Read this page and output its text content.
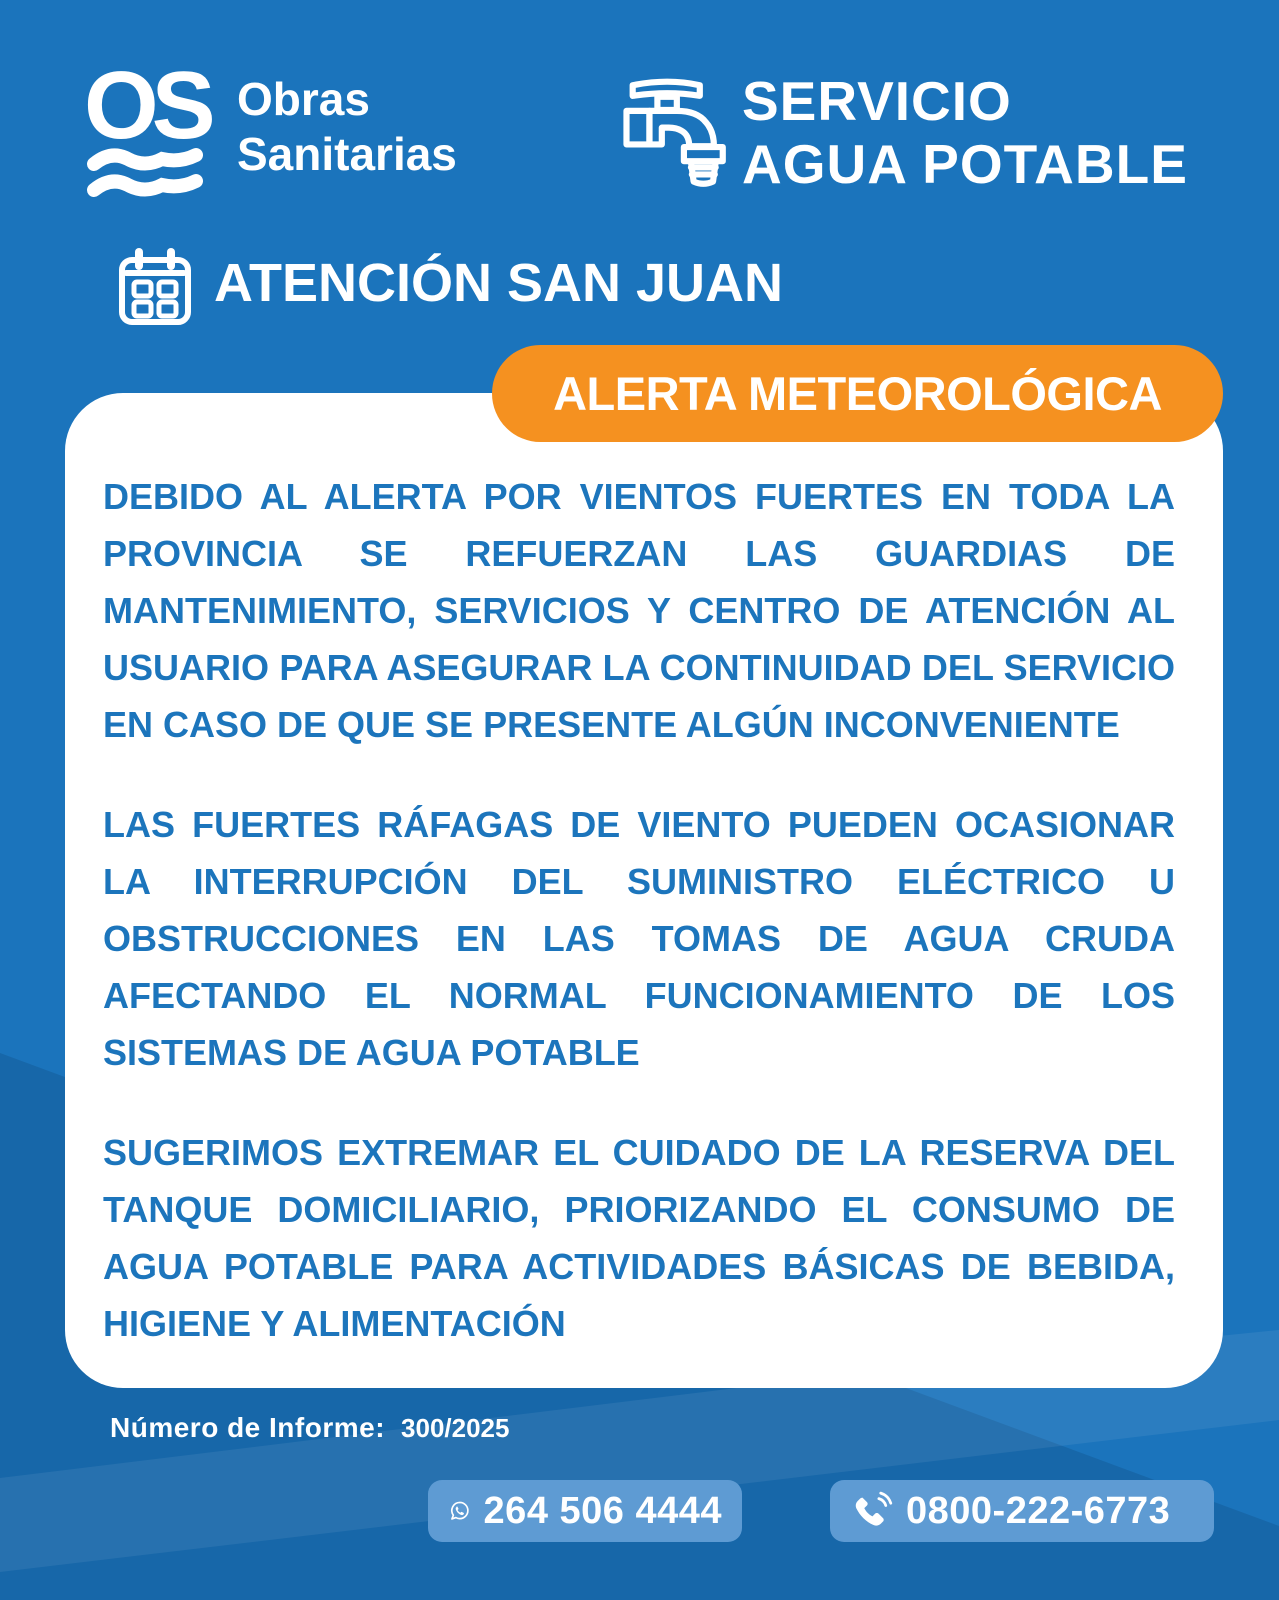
OS Obras
Sanitarias
SERVICIO
AGUA POTABLE
ATENCIÓN SAN JUAN
ALERTA METEOROLÓGICA

DEBIDO AL ALERTA POR VIENTOS FUERTES EN TODA LA PROVINCIA SE REFUERZAN LAS GUARDIAS DE MANTENIMIENTO, SERVICIOS Y CENTRO DE ATENCIÓN AL USUARIO PARA ASEGURAR LA CONTINUIDAD DEL SERVICIO EN CASO DE QUE SE PRESENTE ALGÚN INCONVENIENTE

LAS FUERTES RÁFAGAS DE VIENTO PUEDEN OCASIONAR LA INTERRUPCIÓN DEL SUMINISTRO ELÉCTRICO U OBSTRUCCIONES EN LAS TOMAS DE AGUA CRUDA AFECTANDO EL NORMAL FUNCIONAMIENTO DE LOS SISTEMAS DE AGUA POTABLE

SUGERIMOS EXTREMAR EL CUIDADO DE LA RESERVA DEL TANQUE DOMICILIARIO, PRIORIZANDO EL CONSUMO DE AGUA POTABLE PARA ACTIVIDADES BÁSICAS DE BEBIDA, HIGIENE Y ALIMENTACIÓN

Número de Informe: 300/2025
264 506 4444	0800-222-6773
